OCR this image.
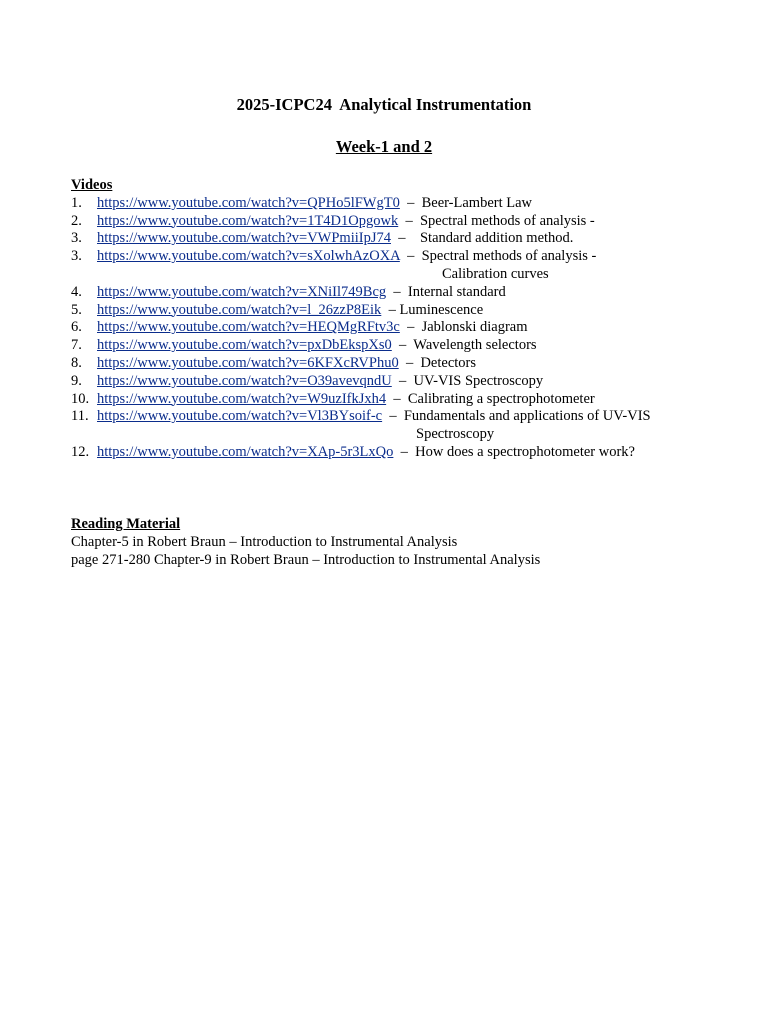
2025-ICPC24  Analytical Instrumentation
Week-1 and 2
Videos
1. https://www.youtube.com/watch?v=QPHo5lFWgT0  –  Beer-Lambert Law
2. https://www.youtube.com/watch?v=1T4D1Opgowk  –  Spectral methods of analysis -
3. https://www.youtube.com/watch?v=VWPmiiIpJ74  –    Standard addition method.
3. https://www.youtube.com/watch?v=sXolwhAzOXA  –  Spectral methods of analysis -
Calibration curves
4. https://www.youtube.com/watch?v=XNiIl749Bcg  –  Internal standard
5. https://www.youtube.com/watch?v=l_26zzP8Eik  – Luminescence
6. https://www.youtube.com/watch?v=HEQMgRFtv3c  –  Jablonski diagram
7. https://www.youtube.com/watch?v=pxDbEkspXs0  –  Wavelength selectors
8. https://www.youtube.com/watch?v=6KFXcRVPhu0  –  Detectors
9. https://www.youtube.com/watch?v=O39avevqndU  –  UV-VIS Spectroscopy
10. https://www.youtube.com/watch?v=W9uzIfkJxh4  –  Calibrating a spectrophotometer
11. https://www.youtube.com/watch?v=Vl3BYsoif-c  –  Fundamentals and applications of UV-VIS
Spectroscopy
12. https://www.youtube.com/watch?v=XAp-5r3LxQo  –  How does a spectrophotometer work?
Reading Material
Chapter-5 in Robert Braun – Introduction to Instrumental Analysis
page 271-280 Chapter-9 in Robert Braun – Introduction to Instrumental Analysis
